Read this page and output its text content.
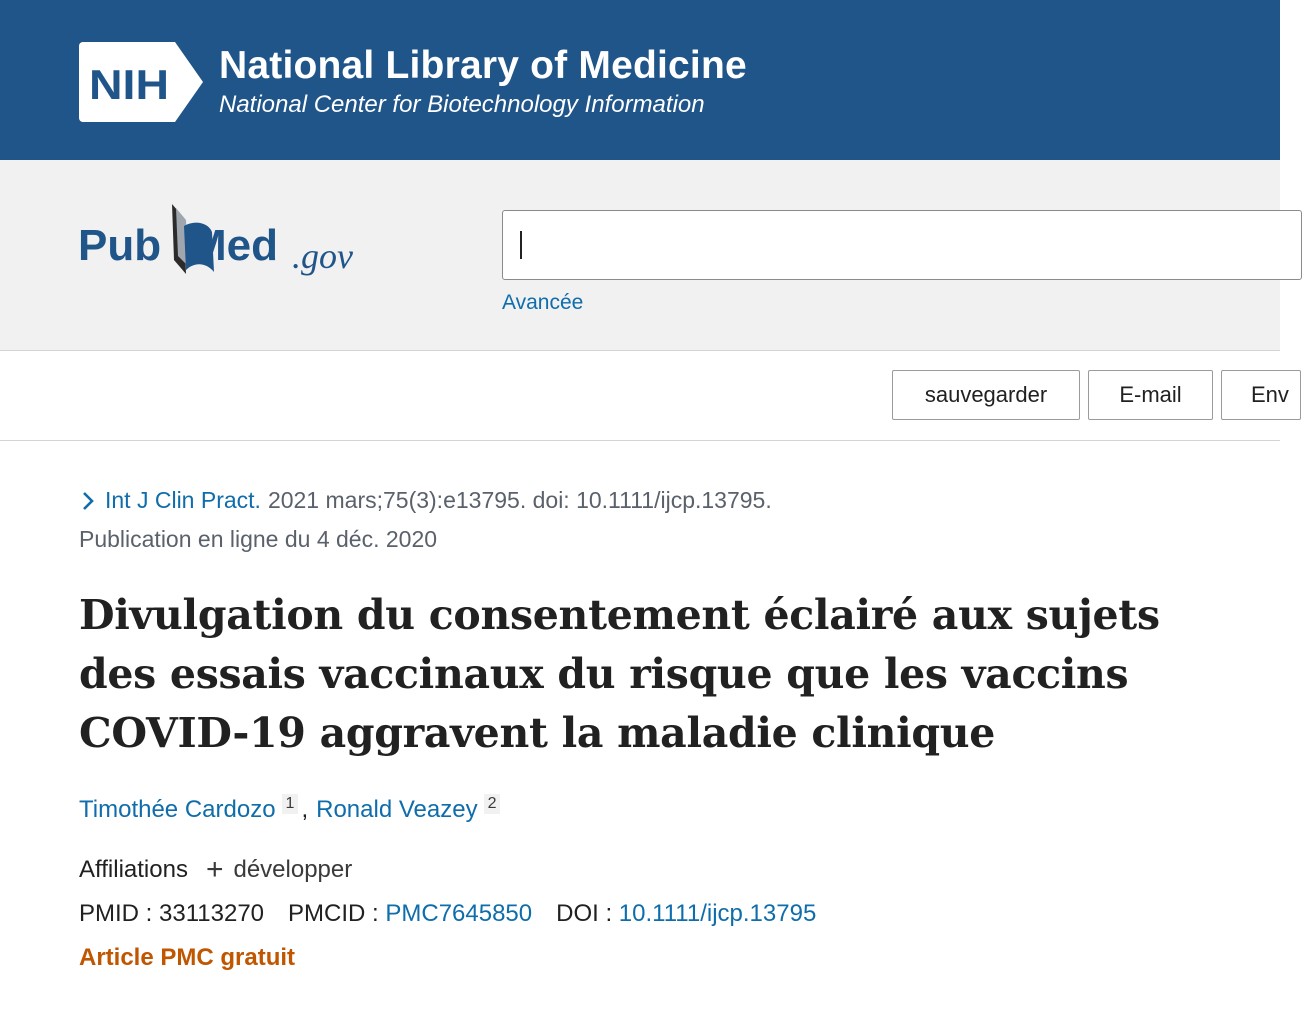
NIH National Library of Medicine
National Center for Biotechnology Information
Pub Med .gov
Avancée
sauvegarder	E-mail	Env
Int J Clin Pract. 2021 mars;75(3):e13795. doi: 10.1111/ijcp.13795.
Publication en ligne du 4 déc. 2020
Divulgation du consentement éclairé aux sujets des essais vaccinaux du risque que les vaccins COVID-19 aggravent la maladie clinique
Timothée Cardozo 1 , Ronald Veazey 2
Affiliations + développer
PMID : 33113270 PMCID : PMC7645850 DOI : 10.1111/ijcp.13795
Article PMC gratuit
